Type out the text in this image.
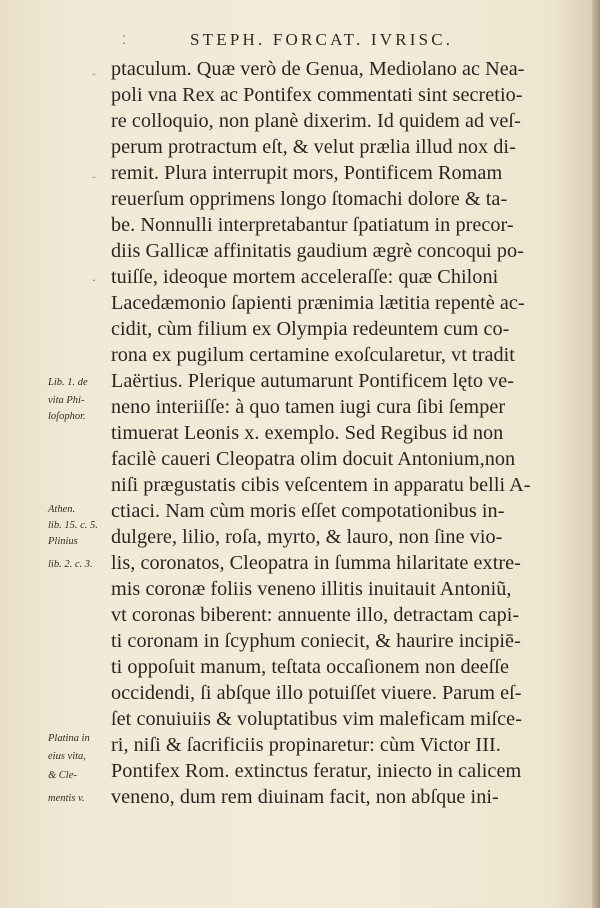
⁚	STEPH. FORCAT. IVRISC.
ptaculum. Quæ verò de Genua, Mediolano ac Nea-
poli vna Rex ac Pontifex commentati sint secretio-
re colloquio, non planè dixerim. Id quidem ad veſ-
perum protractum eſt, & velut prælia illud nox di-
remit. Plura interrupit mors, Pontificem Romam
reuerſum opprimens longo ſtomachi dolore & ta-
be. Nonnulli interpretabantur ſpatiatum in precor-
diis Gallicæ affinitatis gaudium ægrè concoqui po-
tuiſſe, ideoque mortem acceleraſſe: quæ Chiloni
Lacedæmonio ſapienti prænimia lætitia repentè ac-
cidit, cùm filium ex Olympia redeuntem cum co-
rona ex pugilum certamine exoſcularetur, vt tradit
Laërtius. Plerique autumarunt Pontificem lęto ve-
neno interiiſſe: à quo tamen iugi cura ſibi ſemper
timuerat Leonis x. exemplo. Sed Regibus id non
facilè caueri Cleopatra olim docuit Antonium,non
niſi prægustatis cibis veſcentem in apparatu belli A-
ctiaci. Nam cùm moris eſſet compotationibus in-
dulgere, lilio, roſa, myrto, & lauro, non ſine vio-
lis, coronatos, Cleopatra in ſumma hilaritate extre-
mis coronæ foliis veneno illitis inuitauit Antoniũ,
vt coronas biberent: annuente illo, detractam capi-
ti coronam in ſcyphum coniecit, & haurire incipiē-
ti oppoſuit manum, teſtata occaſionem non deeſſe
occidendi, ſi abſque illo potuiſſet viuere. Parum eſ-
ſet conuiuiis & voluptatibus vim maleficam miſce-
ri, niſi & ſacrificiis propinaretur: cùm Victor III.
Pontifex Rom. extinctus feratur, iniecto in calicem
veneno, dum rem diuinam facit, non abſque ini-
Lib. 1. de
vita Phi-
loſophor.
Athen.
lib. 15. c. 5.
Plinius
lib. 2. c. 3.
Platina in
eius vita,
& Cle-
mentis v.
ˇ
ˇ
ˇ
